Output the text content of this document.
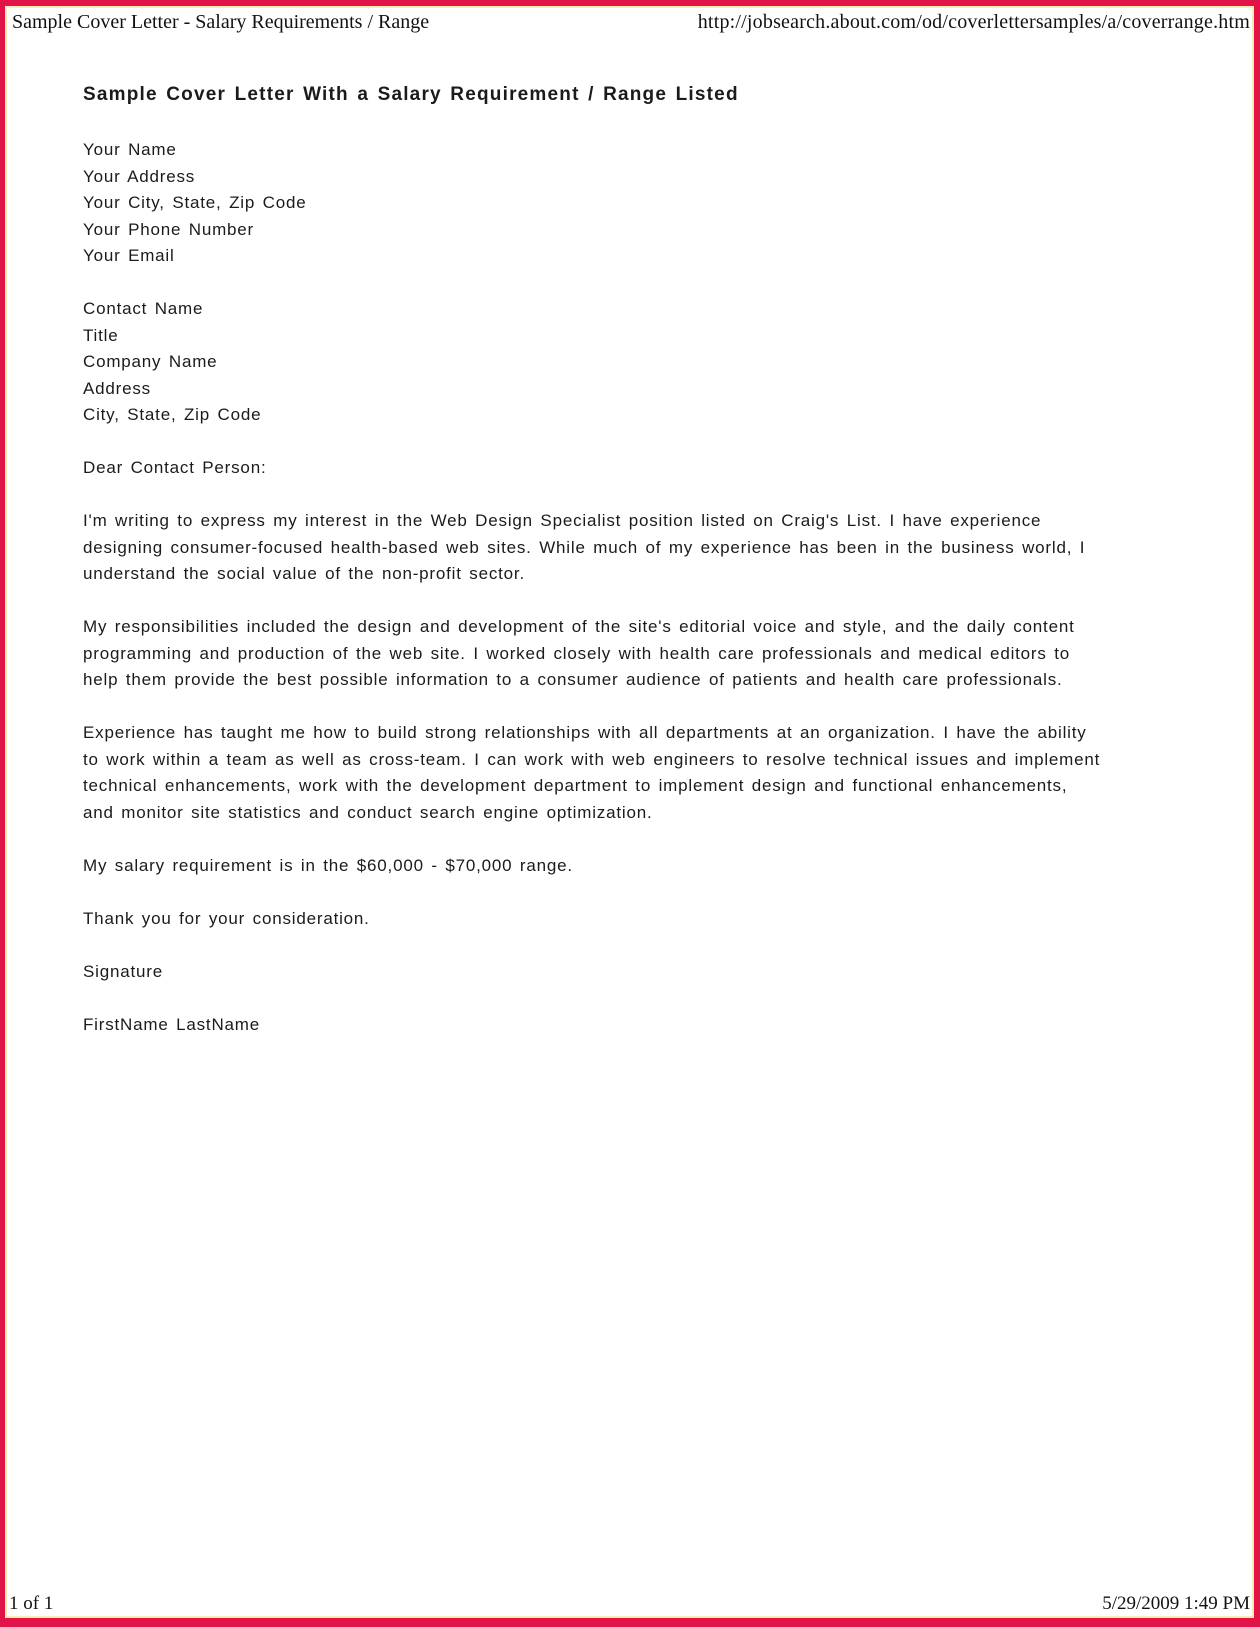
Sample Cover Letter - Salary Requirements / Range	http://jobsearch.about.com/od/coverlettersamples/a/coverrange.htm
Sample Cover Letter With a Salary Requirement / Range Listed
Your Name
Your Address
Your City, State, Zip Code
Your Phone Number
Your Email
Contact Name
Title
Company Name
Address
City, State, Zip Code
Dear Contact Person:
I'm writing to express my interest in the Web Design Specialist position listed on Craig's List. I have experience
designing consumer-focused health-based web sites. While much of my experience has been in the business world, I
understand the social value of the non-profit sector.
My responsibilities included the design and development of the site's editorial voice and style, and the daily content
programming and production of the web site. I worked closely with health care professionals and medical editors to
help them provide the best possible information to a consumer audience of patients and health care professionals.
Experience has taught me how to build strong relationships with all departments at an organization. I have the ability
to work within a team as well as cross-team. I can work with web engineers to resolve technical issues and implement
technical enhancements, work with the development department to implement design and functional enhancements,
and monitor site statistics and conduct search engine optimization.
My salary requirement is in the $60,000 - $70,000 range.
Thank you for your consideration.
Signature
FirstName LastName
1 of 1	5/29/2009 1:49 PM
